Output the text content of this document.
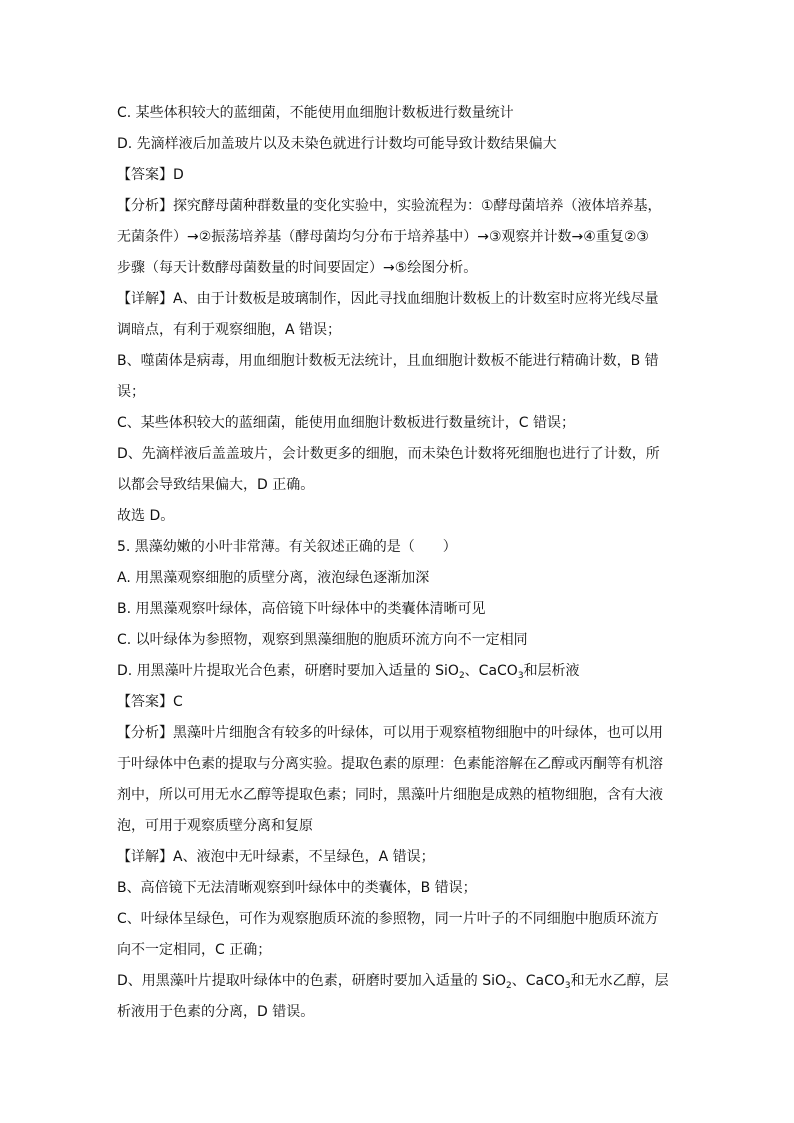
C. 某些体积较大的蓝细菌，不能使用血细胞计数板进行数量统计
D. 先滴样液后加盖玻片以及未染色就进行计数均可能导致计数结果偏大
【答案】D
【分析】探究酵母菌种群数量的变化实验中，实验流程为：①酵母菌培养（液体培养基，
无菌条件）→②振荡培养基（酵母菌均匀分布于培养基中）→③观察并计数→④重复②③
步骤（每天计数酵母菌数量的时间要固定）→⑤绘图分析。
【详解】A、由于计数板是玻璃制作，因此寻找血细胞计数板上的计数室时应将光线尽量
调暗点，有利于观察细胞，A 错误；
B、噬菌体是病毒，用血细胞计数板无法统计，且血细胞计数板不能进行精确计数，B 错
误；
C、某些体积较大的蓝细菌，能使用血细胞计数板进行数量统计，C 错误；
D、先滴样液后盖盖玻片，会计数更多的细胞，而未染色计数将死细胞也进行了计数，所
以都会导致结果偏大，D 正确。
故选 D。
5. 黑藻幼嫩的小叶非常薄。有关叙述正确的是（　　）
A. 用黑藻观察细胞的质壁分离，液泡绿色逐渐加深
B. 用黑藻观察叶绿体，高倍镜下叶绿体中的类囊体清晰可见
C. 以叶绿体为参照物，观察到黑藻细胞的胞质环流方向不一定相同
D. 用黑藻叶片提取光合色素，研磨时要加入适量的 SiO$_2$、CaCO$_3$和层析液
【答案】C
【分析】黑藻叶片细胞含有较多的叶绿体，可以用于观察植物细胞中的叶绿体，也可以用
于叶绿体中色素的提取与分离实验。提取色素的原理：色素能溶解在乙醇或丙酮等有机溶
剂中，所以可用无水乙醇等提取色素；同时，黑藻叶片细胞是成熟的植物细胞，含有大液
泡，可用于观察质壁分离和复原
【详解】A、液泡中无叶绿素，不呈绿色，A 错误；
B、高倍镜下无法清晰观察到叶绿体中的类囊体，B 错误；
C、叶绿体呈绿色，可作为观察胞质环流的参照物，同一片叶子的不同细胞中胞质环流方
向不一定相同，C 正确；
D、用黑藻叶片提取叶绿体中的色素，研磨时要加入适量的 SiO$_2$、CaCO$_3$和无水乙醇，层
析液用于色素的分离，D 错误。
